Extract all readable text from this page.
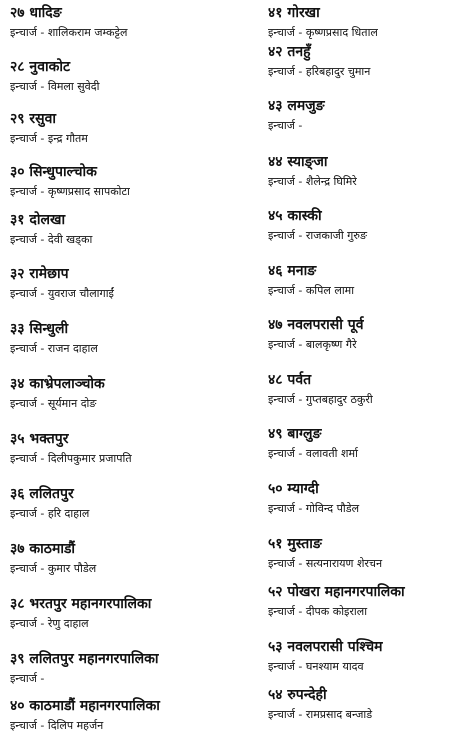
२७ धादिङ
इन्चार्ज - शालिकराम जम्कट्टेल
२८ नुवाकोट
इन्चार्ज - विमला सुवेदी
२९ रसुवा
इन्चार्ज - इन्द्र गौतम
३० सिन्धुपाल्चोक
इन्चार्ज - कृष्णप्रसाद सापकोटा
३१ दोलखा
इन्चार्ज - देवी खड्का
३२ रामेछाप
इन्चार्ज - युवराज चौलागाईं
३३ सिन्धुली
इन्चार्ज - राजन दाहाल
३४ काभ्रेपलाञ्चोक
इन्चार्ज - सूर्यमान दोङ
३५ भक्तपुर
इन्चार्ज - दिलीपकुमार प्रजापति
३६ ललितपुर
इन्चार्ज - हरि दाहाल
३७ काठमाडौं
इन्चार्ज - कुमार पौडेल
३८ भरतपुर महानगरपालिका
इन्चार्ज - रेणु दाहाल
३९ ललितपुर महानगरपालिका
इन्चार्ज -
४० काठमाडौं महानगरपालिका
इन्चार्ज - दिलिप महर्जन
४१ गोरखा
इन्चार्ज - कृष्णप्रसाद धिताल
४२ तनहुँ
इन्चार्ज - हरिबहादुर चुमान
४३ लमजुङ
इन्चार्ज -
४४ स्याङ्जा
इन्चार्ज - शैलेन्द्र घिमिरे
४५ कास्की
इन्चार्ज - राजकाजी गुरुङ
४६ मनाङ
इन्चार्ज - कपिल लामा
४७ नवलपरासी पूर्व
इन्चार्ज - बालकृष्ण गैरे
४८ पर्वत
इन्चार्ज - गुप्तबहादुर ठकुरी
४९ बाग्लुङ
इन्चार्ज - वलावती शर्मा
५० म्याग्दी
इन्चार्ज - गोविन्द पौडेल
५१ मुस्ताङ
इन्चार्ज - सत्यनारायण शेरचन
५२ पोखरा महानगरपालिका
इन्चार्ज - दीपक कोइराला
५३ नवलपरासी पश्चिम
इन्चार्ज - घनश्याम यादव
५४ रुपन्देही
इन्चार्ज - रामप्रसाद बन्जाडे
